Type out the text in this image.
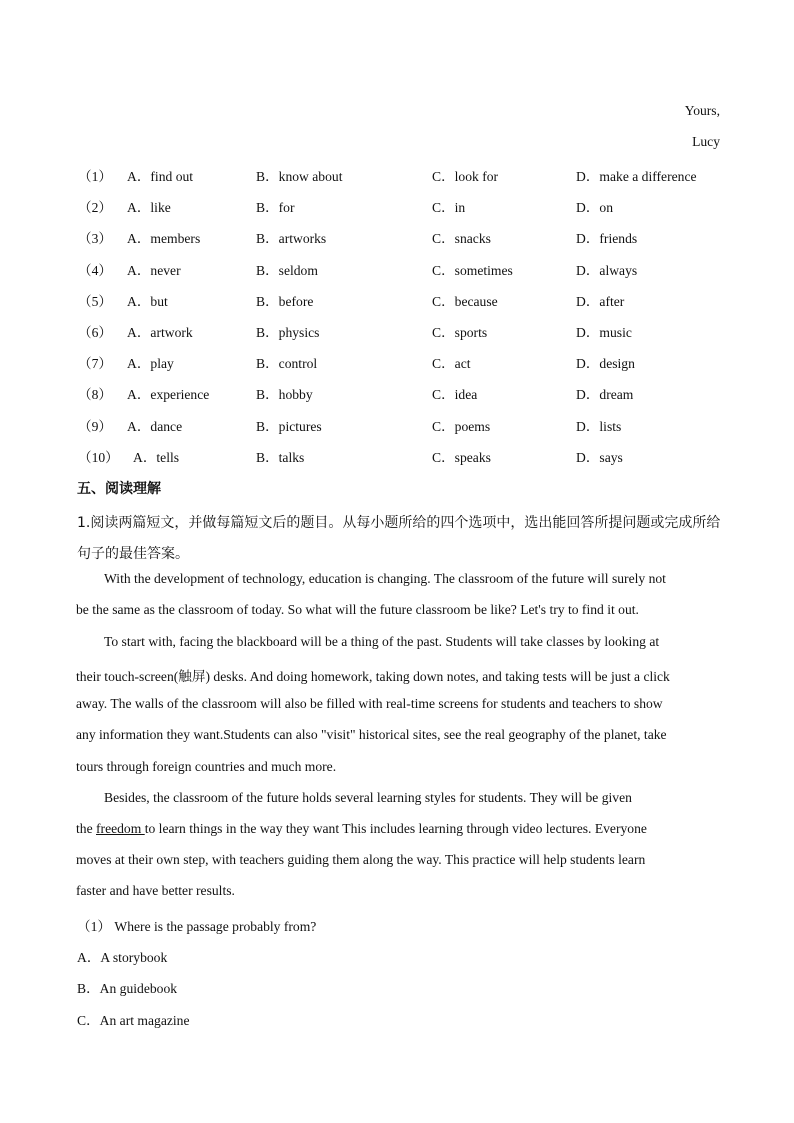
Yours,
Lucy
（1） A．find out	B．know about	C．look for	D．make a difference
（2） A．like	B．for	C．in	D．on
（3） A．members	B．artworks	C．snacks	D．friends
（4） A．never	B．seldom	C．sometimes	D．always
（5） A．but	B．before	C．because	D．after
（6） A．artwork	B．physics	C．sports	D．music
（7） A．play	B．control	C．act	D．design
（8） A．experience	B．hobby	C．idea	D．dream
（9） A．dance	B．pictures	C．poems	D．lists
（10） A．tells	B．talks	C．speaks	D．says
五、阅读理解
1.阅读两篇短文，并做每篇短文后的题目。从每小题所给的四个选项中，选出能回答所提问题或完成所给句子的最佳答案。
With the development of technology, education is changing. The classroom of the future will surely not
be the same as the classroom of today. So what will the future classroom be like? Let's try to find it out.
To start with, facing the blackboard will be a thing of the past. Students will take classes by looking at
their touch-screen(触屏) desks. And doing homework, taking down notes, and taking tests will be just a click
away. The walls of the classroom will also be filled with real-time screens for students and teachers to show
any information they want.Students can also "visit" historical sites, see the real geography of the planet, take
tours through foreign countries and much more.
Besides, the classroom of the future holds several learning styles for students. They will be given
the freedom to learn things in the way they want This includes learning through video lectures. Everyone
moves at their own step, with teachers guiding them along the way. This practice will help students learn
faster and have better results.
（1） Where is the passage probably from?
A．A storybook
B．An guidebook
C．An art magazine
